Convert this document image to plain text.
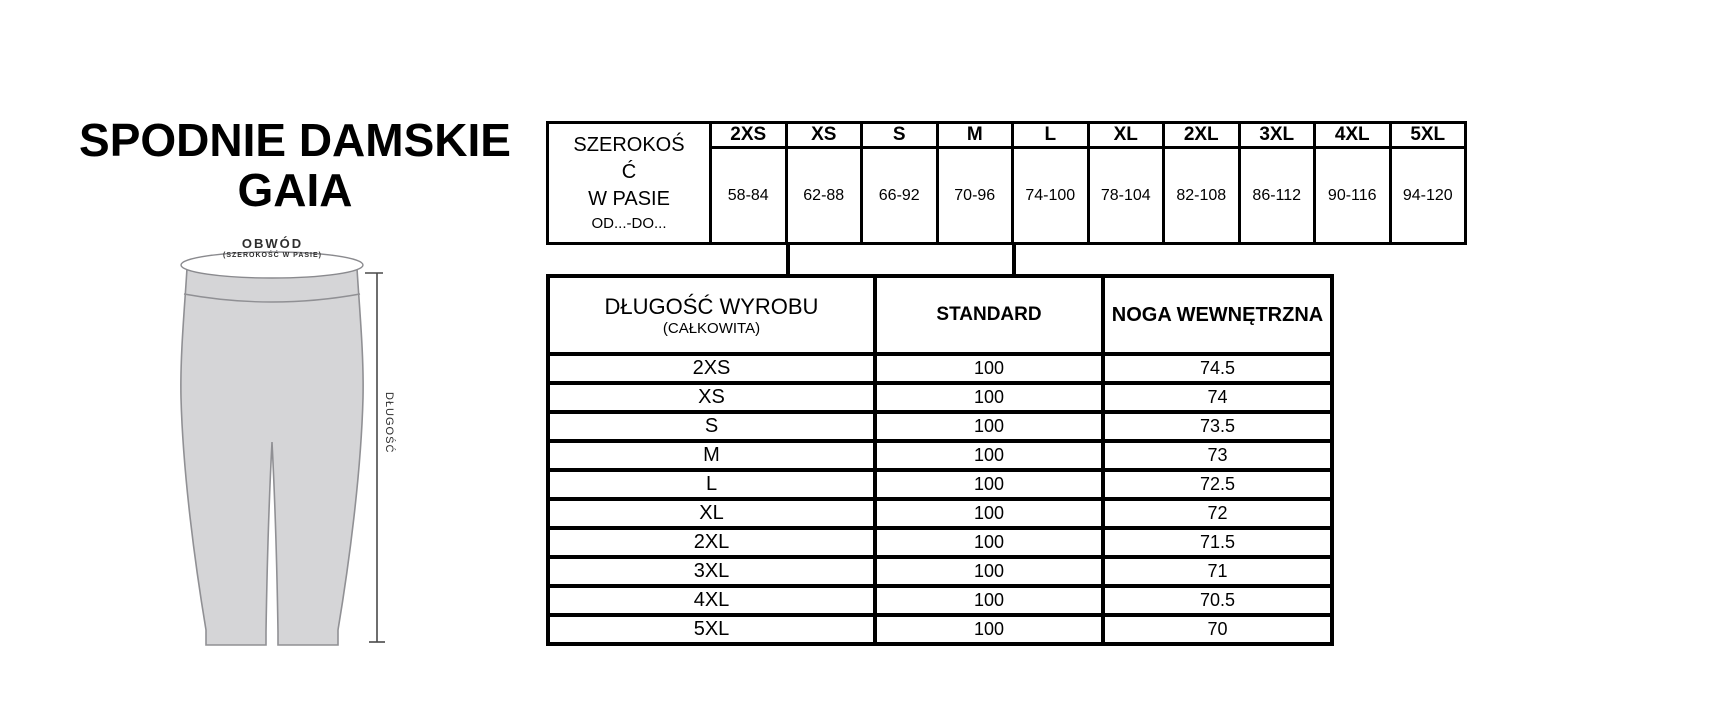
SPODNIE DAMSKIE
GAIA
OBWÓD
(SZEROKOŚĆ W PASIE)
DŁUGOŚĆ
SZEROKOŚĆ
W PASIE
OD...-DO...	2XS	XS	S	M	L	XL	2XL	3XL	4XL	5XL
	58-84	62-88	66-92	70-96	74-100	78-104	82-108	86-112	90-116	94-120
DŁUGOŚĆ WYROBU
(CAŁKOWITA)	STANDARD	NOGA WEWNĘTRZNA

2XS	100	74.5
XS	100	74
S	100	73.5
M	100	73
L	100	72.5
XL	100	72
2XL	100	71.5
3XL	100	71
4XL	100	70.5
5XL	100	70
